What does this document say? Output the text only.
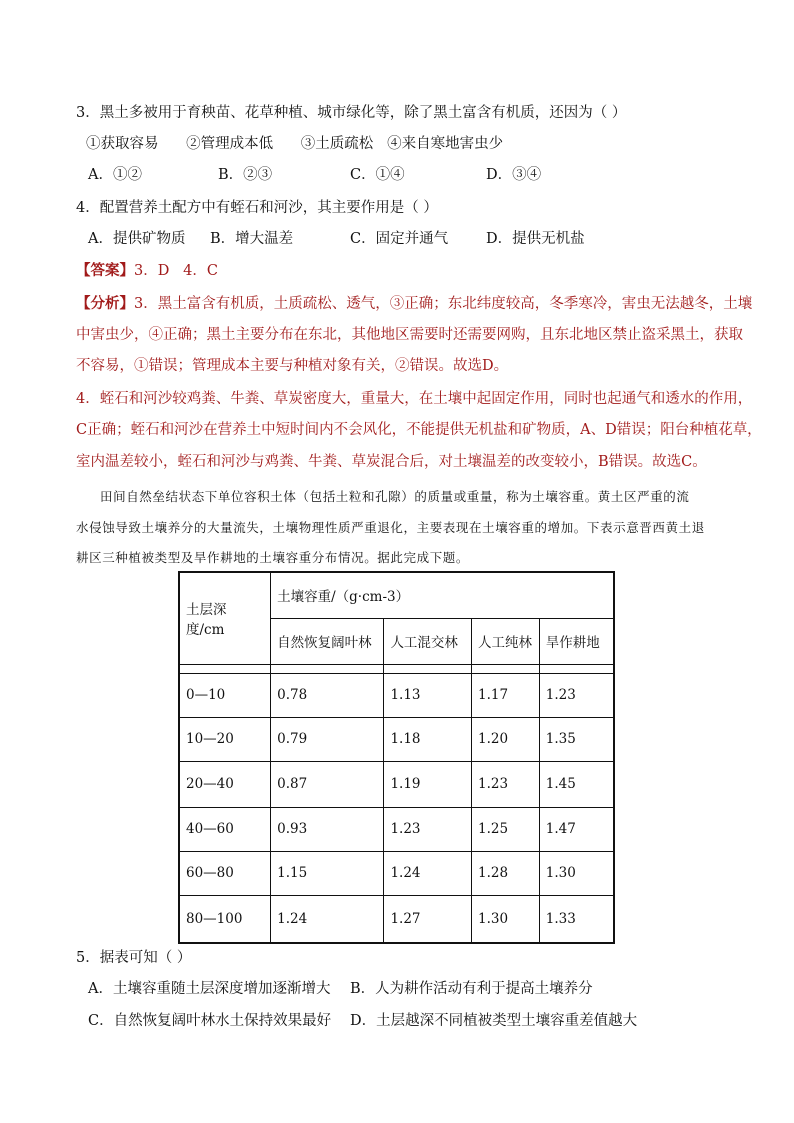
3．黑土多被用于育秧苗、花草种植、城市绿化等，除了黑土富含有机质，还因为（ ）
①获取容易      ②管理成本低      ③土质疏松   ④来自寒地害虫少
A．①②	B．②③	C．①④	D．③④
4．配置营养土配方中有蛭石和河沙，其主要作用是（ ）
A．提供矿物质 B．增大温差	C．固定并通气	D．提供无机盐
【答案】3．D   4．C
【分析】3．黑土富含有机质，土质疏松、透气，③正确；东北纬度较高，冬季寒冷，害虫无法越冬，土壤
中害虫少，④正确；黑土主要分布在东北，其他地区需要时还需要网购，且东北地区禁止盗采黑土，获取
不容易，①错误；管理成本主要与种植对象有关，②错误。故选D。
4．蛭石和河沙较鸡粪、牛粪、草炭密度大，重量大，在土壤中起固定作用，同时也起通气和透水的作用，
C正确；蛭石和河沙在营养土中短时间内不会风化，不能提供无机盐和矿物质，A、D错误；阳台种植花草，
室内温差较小，蛭石和河沙与鸡粪、牛粪、草炭混合后，对土壤温差的改变较小，B错误。故选C。
田间自然垒结状态下单位容积土体（包括土粒和孔隙）的质量或重量，称为土壤容重。黄土区严重的流
水侵蚀导致土壤养分的大量流失，土壤物理性质严重退化，主要表现在土壤容重的增加。下表示意晋西黄土退
耕区三种植被类型及旱作耕地的土壤容重分布情况。据此完成下题。
土层深度/cm	土壤容重/（g·cm-3）			
	自然恢复阔叶林	人工混交林	人工纯林	旱作耕地

0—10	0.78	1.13	1.17	1.23
10—20	0.79	1.18	1.20	1.35
20—40	0.87	1.19	1.23	1.45
40—60	0.93	1.23	1.25	1.47
60—80	1.15	1.24	1.28	1.30
80—100	1.24	1.27	1.30	1.33
5．据表可知（ ）
A．土壤容重随土层深度增加逐渐增大 B．人为耕作活动有利于提高土壤养分
C．自然恢复阔叶林水土保持效果最好 D．土层越深不同植被类型土壤容重差值越大
